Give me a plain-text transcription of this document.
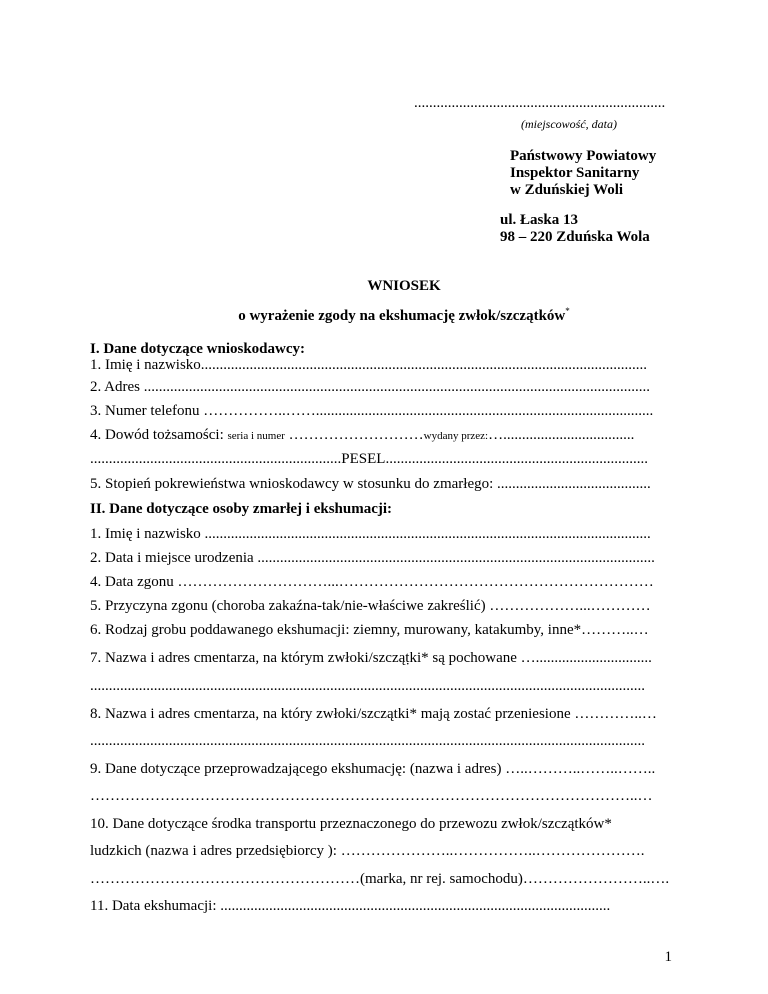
...................................................................
(miejscowość, data)
Państwowy Powiatowy
Inspektor Sanitarny
w Zduńskiej Woli
ul. Łaska 13
98 – 220 Zduńska Wola
WNIOSEK
o wyrażenie zgody na ekshumację zwłok/szczątków*
I. Dane dotyczące wnioskodawcy:
1. Imię i nazwisko.......................................................................................................................
2. Adres .......................................................................................................................................
3. Numer telefonu ……………..……..........................................................................................
4. Dowód tożsamości: seria i numer ………………………wydany przez:…...................................
...................................................................PESEL......................................................................
5. Stopień pokrewieństwa wnioskodawcy w stosunku do zmarłego: .........................................
II. Dane dotyczące osoby zmarłej i ekshumacji:
1. Imię i nazwisko .......................................................................................................................
2. Data i miejsce urodzenia ..........................................................................................................
4. Data zgonu …………………………...………………………………………………………
5. Przyczyna zgonu (choroba zakaźna-tak/nie-właściwe zakreślić) ………………...…………
6. Rodzaj grobu poddawanego ekshumacji: ziemny, murowany, katakumby, inne*………..…
7. Nazwa i adres cmentarza, na którym zwłoki/szcząṭki* są pochowane …...............................
....................................................................................................................................................
8. Nazwa i adres cmentarza, na który zwłoki/szczątki* mają zostać przeniesione …………..…
....................................................................................................................................................
9. Dane dotyczące przeprowadzającego ekshumację: (nazwa i adres) …..………..……..……..
………………………………………………………………………………………………..…
10. Dane dotyczące środka transportu przeznaczonego do przewozu zwłok/szczątków*
ludzkich (nazwa i adres przedsiębiorcy ): …………………..……………..………………….
………………………………………………(marka, nr rej. samochodu)……………………..….
11. Data ekshumacji: ........................................................................................................
1
